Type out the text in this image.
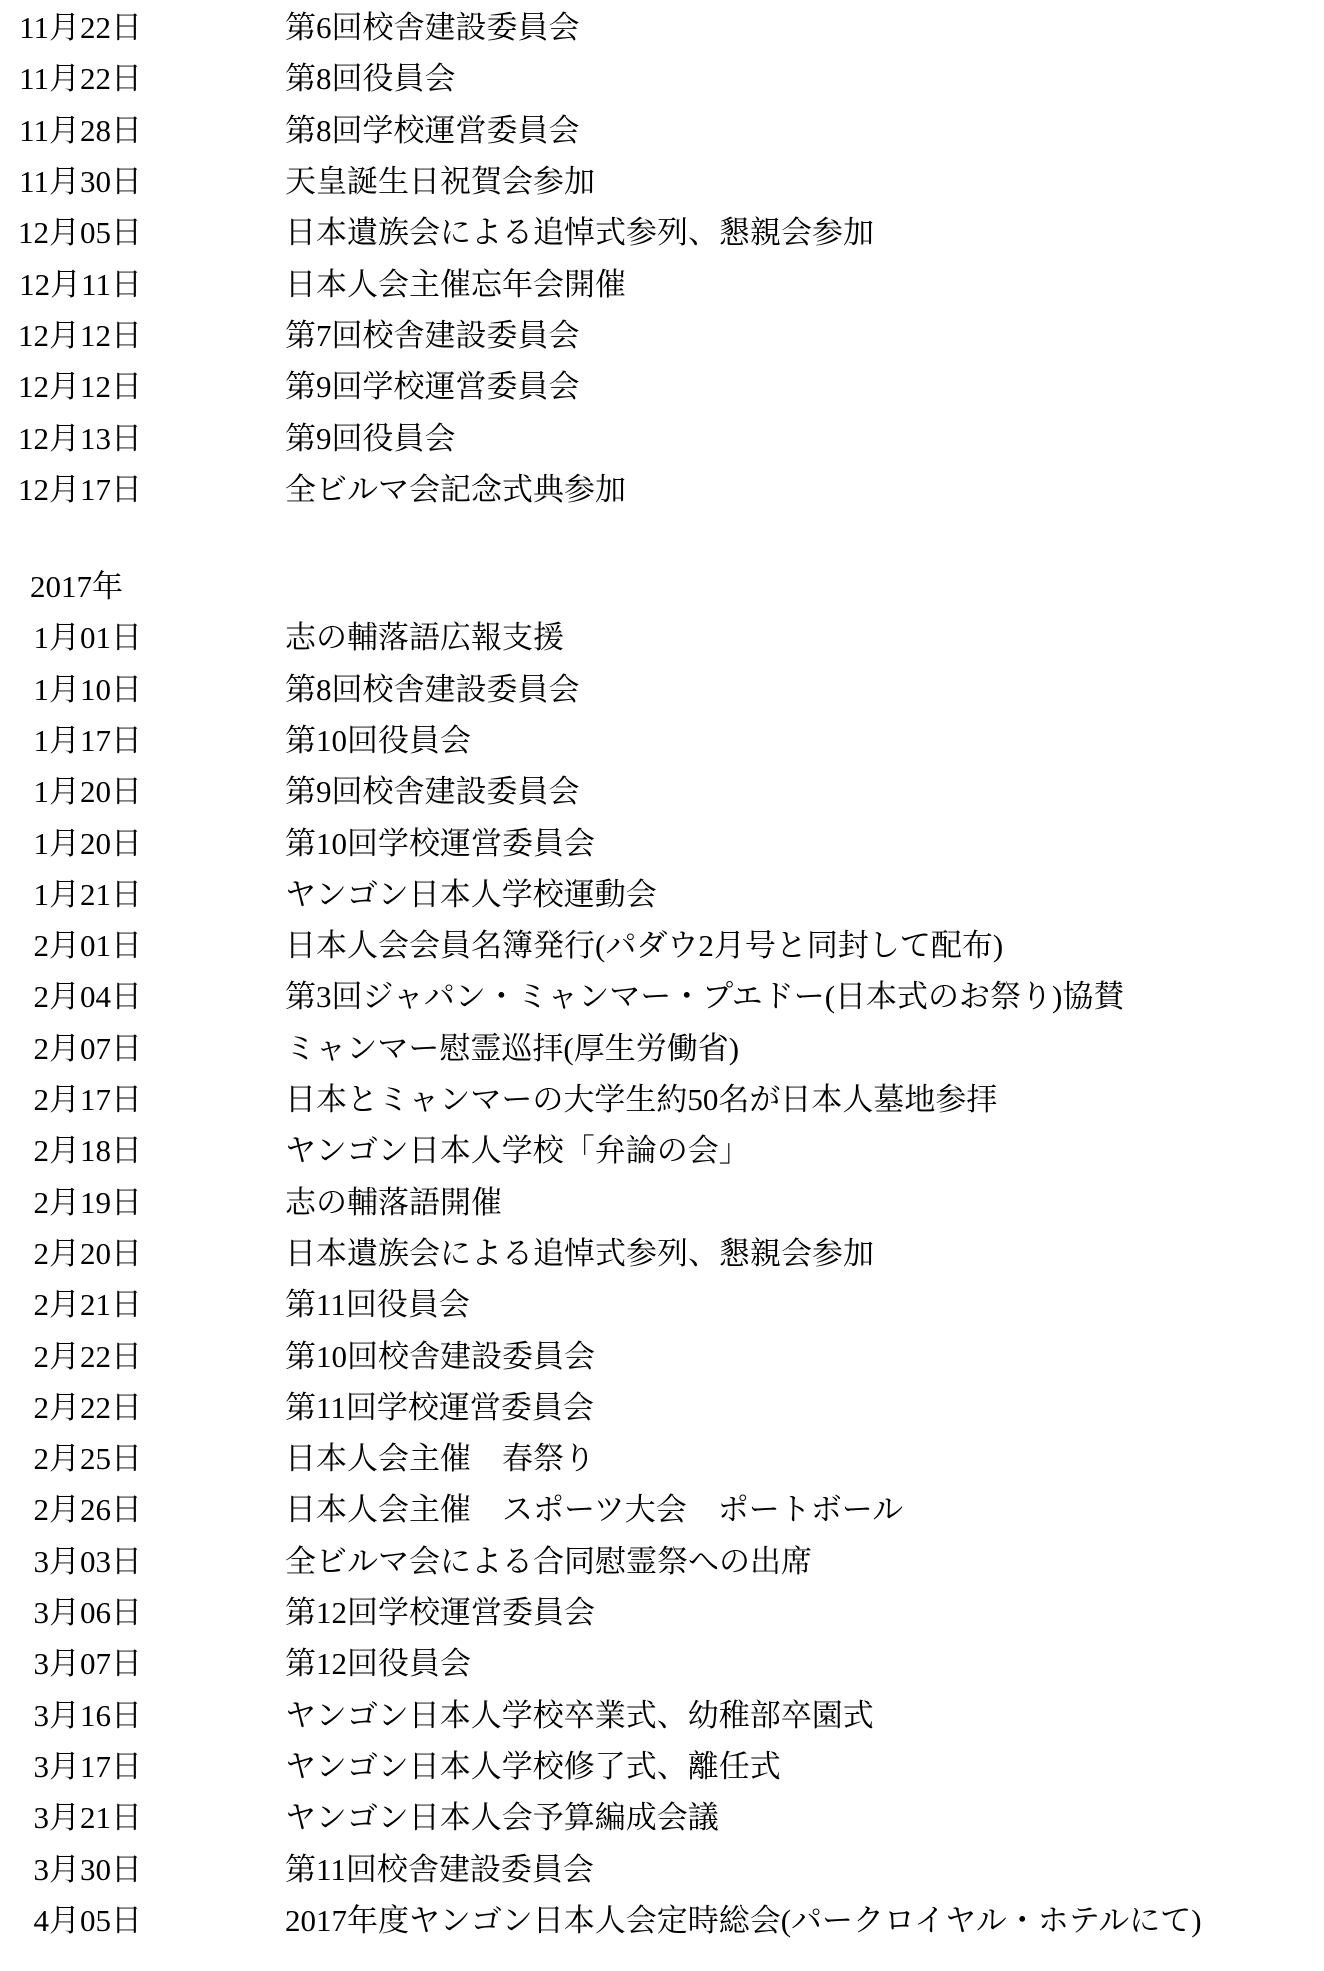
11月22日	第6回校舎建設委員会
11月22日	第8回役員会
11月28日	第8回学校運営委員会
11月30日	天皇誕生日祝賀会参加
12月05日	日本遺族会による追悼式参列、懇親会参加
12月11日	日本人会主催忘年会開催
12月12日	第7回校舎建設委員会
12月12日	第9回学校運営委員会
12月13日	第9回役員会
12月17日	全ビルマ会記念式典参加
2017年
1月01日	志の輔落語広報支援
1月10日	第8回校舎建設委員会
1月17日	第10回役員会
1月20日	第9回校舎建設委員会
1月20日	第10回学校運営委員会
1月21日	ヤンゴン日本人学校運動会
2月01日	日本人会会員名簿発行(パダウ2月号と同封して配布)
2月04日	第3回ジャパン・ミャンマー・プエドー(日本式のお祭り)協賛
2月07日	ミャンマー慰霊巡拝(厚生労働省)
2月17日	日本とミャンマーの大学生約50名が日本人墓地参拝
2月18日	ヤンゴン日本人学校「弁論の会」
2月19日	志の輔落語開催
2月20日	日本遺族会による追悼式参列、懇親会参加
2月21日	第11回役員会
2月22日	第10回校舎建設委員会
2月22日	第11回学校運営委員会
2月25日	日本人会主催　春祭り
2月26日	日本人会主催　スポーツ大会　ポートボール
3月03日	全ビルマ会による合同慰霊祭への出席
3月06日	第12回学校運営委員会
3月07日	第12回役員会
3月16日	ヤンゴン日本人学校卒業式、幼稚部卒園式
3月17日	ヤンゴン日本人学校修了式、離任式
3月21日	ヤンゴン日本人会予算編成会議
3月30日	第11回校舎建設委員会
4月05日	2017年度ヤンゴン日本人会定時総会(パークロイヤル・ホテルにて)
